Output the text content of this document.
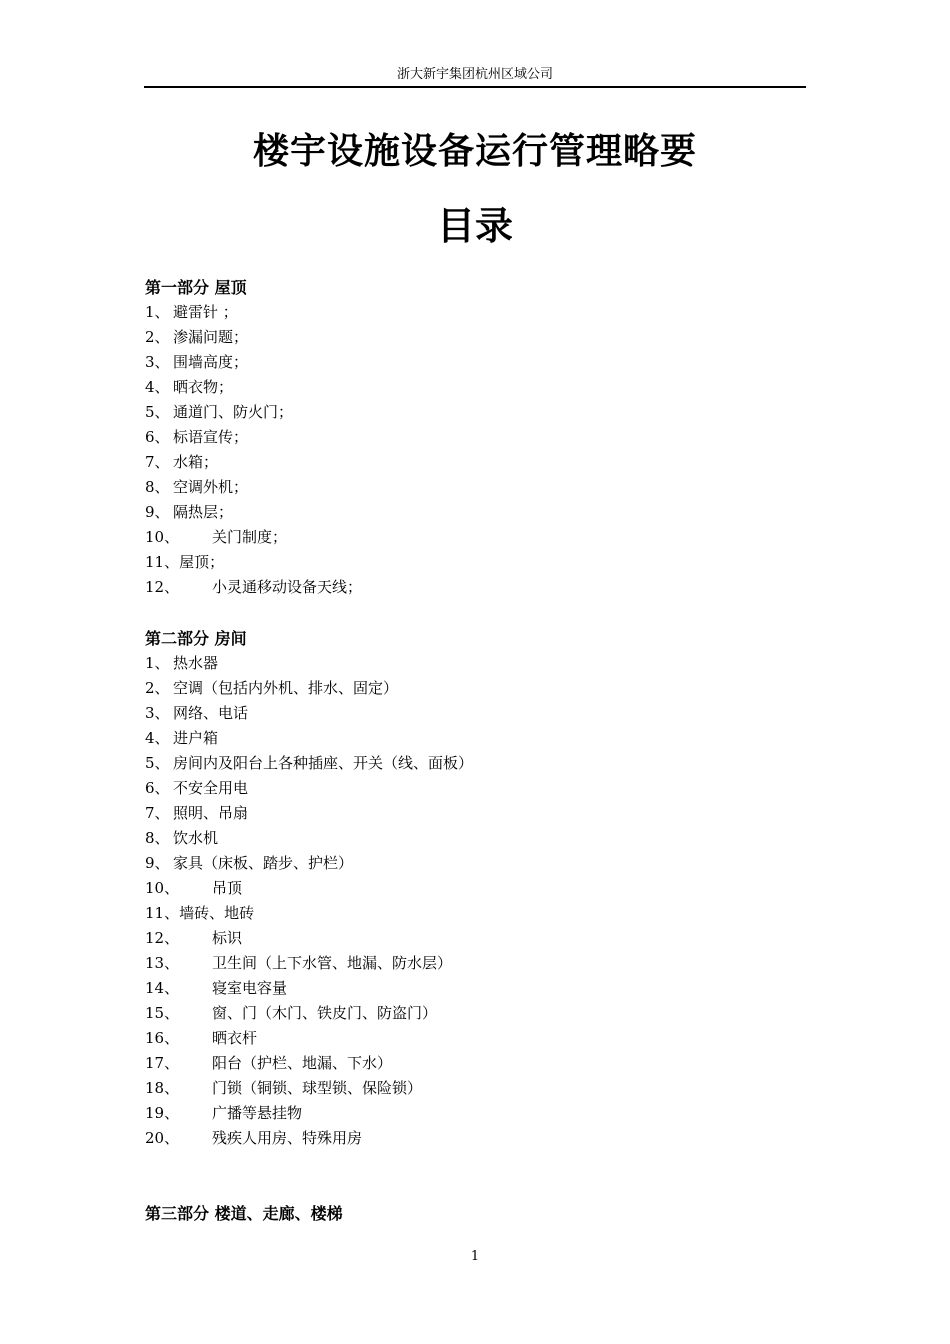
浙大新宇集团杭州区域公司
楼宇设施设备运行管理略要
目录
第一部分 屋顶
1、 避雷针 ；
2、 渗漏问题；
3、 围墙高度；
4、 晒衣物；
5、 通道门、防火门；
6、 标语宣传；
7、 水箱；
8、 空调外机；
9、 隔热层；
10、	关门制度；
11、 屋顶；
12、	小灵通移动设备天线；
第二部分 房间
1、 热水器
2、 空调（包括内外机、排水、固定）
3、 网络、电话
4、 进户箱
5、 房间内及阳台上各种插座、开关（线、面板）
6、 不安全用电
7、 照明、吊扇
8、 饮水机
9、 家具（床板、踏步、护栏）
10、	吊顶
11、 墙砖、地砖
12、	标识
13、	卫生间（上下水管、地漏、防水层）
14、	寝室电容量
15、	窗、门（木门、铁皮门、防盗门）
16、	晒衣杆
17、	阳台（护栏、地漏、下水）
18、	门锁（铜锁、球型锁、保险锁）
19、	广播等悬挂物
20、	残疾人用房、特殊用房
第三部分 楼道、走廊、楼梯
1
